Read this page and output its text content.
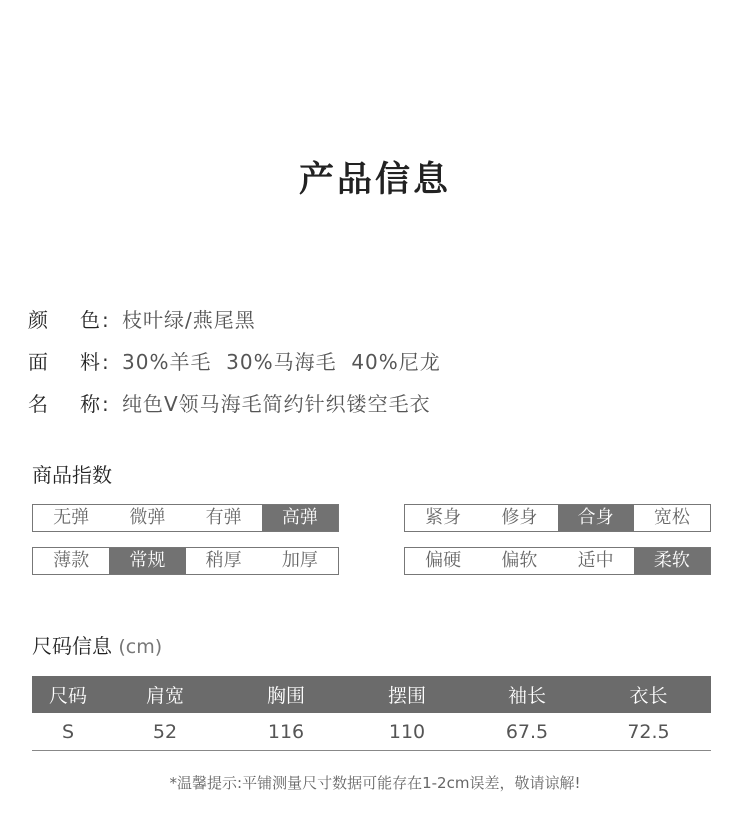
产品信息
颜 色 : 枝叶绿/燕尾黑
面 料 : 30%羊毛  30%马海毛  40%尼龙
名 称 : 纯色V领马海毛简约针织镂空毛衣
商品指数
无弹	微弹	有弹	高弹	紧身	修身	合身	宽松
薄款	常规	稍厚	加厚	偏硬	偏软	适中	柔软
尺码信息 (cm)
尺码	肩宽	胸围	摆围	袖长	衣长
S	52	116	110	67.5	72.5
*温馨提示:平铺测量尺寸数据可能存在1-2cm误差，敬请谅解!
